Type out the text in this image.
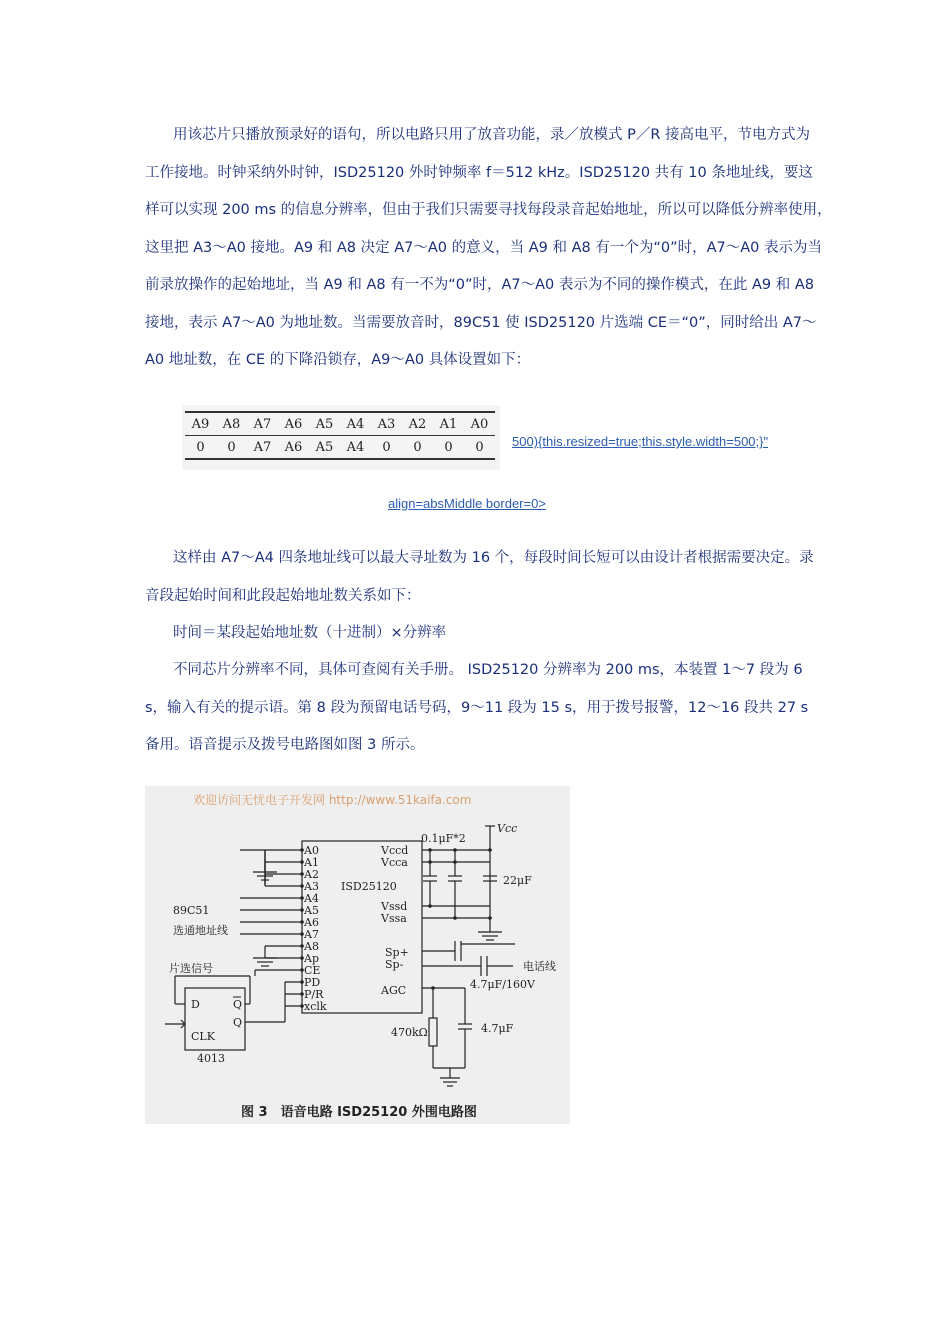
用该芯片只播放预录好的语句，所以电路只用了放音功能，录／放模式 P／R 接高电平，节电方式为
工作接地。时钟采纳外时钟，ISD25120 外时钟频率 f＝512 kHz。ISD25120 共有 10 条地址线，要这
样可以实现 200 ms 的信息分辨率，但由于我们只需要寻找每段录音起始地址，所以可以降低分辨率使用，
这里把 A3～A0 接地。A9 和 A8 决定 A7～A0 的意义，当 A9 和 A8 有一个为“0”时，A7～A0 表示为当
前录放操作的起始地址，当 A9 和 A8 有一不为“0”时，A7～A0 表示为不同的操作模式，在此 A9 和 A8
接地，表示 A7～A0 为地址数。当需要放音时，89C51 使 ISD25120 片选端 CE＝“0”，同时给出 A7～
A0 地址数，在 CE 的下降沿锁存，A9～A0 具体设置如下：
A9	A8	A7	A6	A5	A4	A3	A2	A1	A0
0	0	A7	A6	A5	A4	0	0	0	0 500){this.resized=true;this.style.width=500;}"
align=absMiddle border=0>
这样由 A7～A4 四条地址线可以最大寻址数为 16 个，每段时间长短可以由设计者根据需要决定。录
音段起始时间和此段起始地址数关系如下：
时间＝某段起始地址数（十进制）×分辨率
不同芯片分辨率不同，具体可查阅有关手册。 ISD25120 分辨率为 200 ms，本装置 1～7 段为 6
s，输入有关的提示语。第 8 段为预留电话号码，9～11 段为 15 s，用于拨号报警，12～16 段共 27 s
备用。语音提示及拨号电路图如图 3 所示。
欢迎访问无忧电子开发网 http://www.51kaifa.com
ISD25120
A0
A1
A2
A3
A4
A5
A6
A7
A8
Ap
CE
PD
P/R
xclk
Vccd
Vcca
Vssd
Vssa
Sp+
Sp-
AGC
89C51
选通地址线
片选信号
D	Q
Q
CLK
4013
0.1μF*2
Vcc
22μF
电话线
4.7μF/160V
470kΩ	4.7μF
图 3　语音电路 ISD25120 外围电路图
